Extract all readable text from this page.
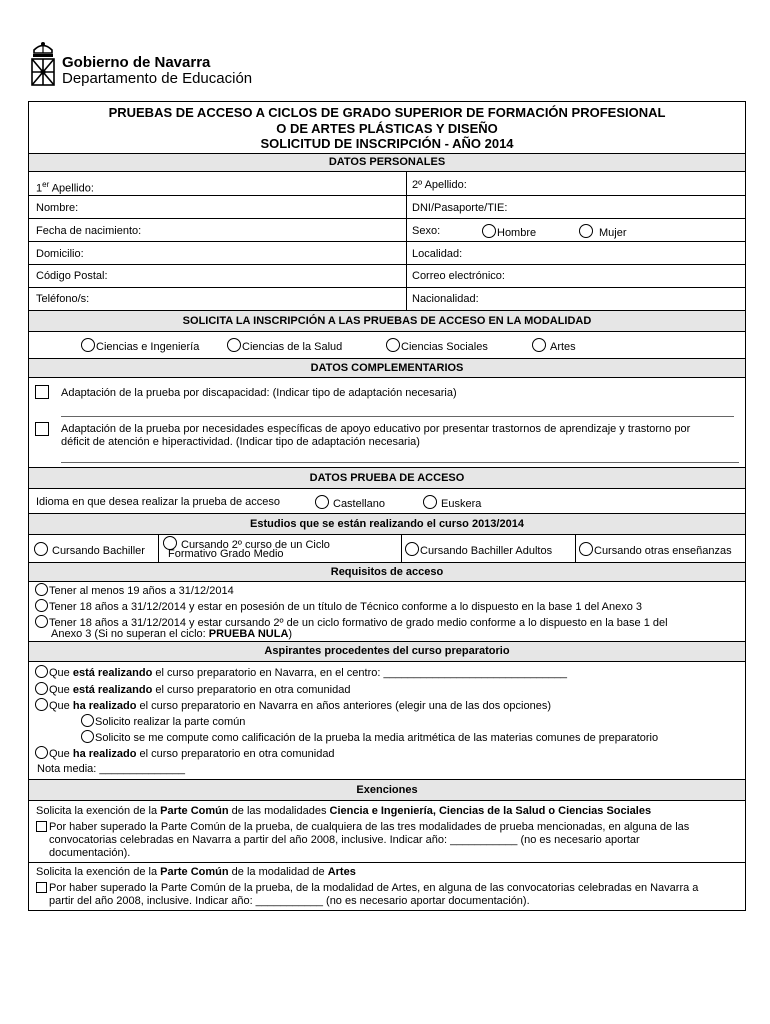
Gobierno de Navarra
Departamento de Educación
PRUEBAS DE ACCESO A CICLOS DE GRADO SUPERIOR DE FORMACIÓN PROFESIONAL
O DE ARTES PLÁSTICAS Y DISEÑO
SOLICITUD DE INSCRIPCIÓN - AÑO 2014
DATOS PERSONALES
1er Apellido:	2º Apellido:
Nombre:	DNI/Pasaporte/TIE:
Fecha de nacimiento:	Sexo:	Hombre	Mujer
Domicilio:	Localidad:
Código Postal:	Correo electrónico:
Teléfono/s:	Nacionalidad:
SOLICITA LA INSCRIPCIÓN A LAS PRUEBAS DE ACCESO EN LA MODALIDAD
Ciencias e Ingeniería	Ciencias de la Salud	Ciencias Sociales	Artes
DATOS COMPLEMENTARIOS
Adaptación de la prueba por discapacidad: (Indicar tipo de adaptación necesaria)
Adaptación de la prueba por necesidades específicas de apoyo educativo por presentar trastornos de aprendizaje y trastorno por
déficit de atención e hiperactividad. (Indicar tipo de adaptación necesaria)
DATOS PRUEBA DE ACCESO
Idioma en que desea realizar la prueba de acceso	Castellano	Euskera
Estudios que se están realizando el curso 2013/2014
Cursando Bachiller	Cursando 2º curso de un Ciclo
Formativo Grado Medio	Cursando Bachiller Adultos	Cursando otras enseñanzas
Requisitos de acceso
Tener al menos 19 años a 31/12/2014
Tener 18 años a 31/12/2014 y estar en posesión de un título de Técnico conforme a lo dispuesto en la base 1 del Anexo 3
Tener 18 años a 31/12/2014 y estar cursando 2º de un ciclo formativo de grado medio conforme a lo dispuesto en la base 1 del
Anexo 3 (Si no superan el ciclo: PRUEBA NULA)
Aspirantes procedentes del curso preparatorio
Que está realizando el curso preparatorio en Navarra, en el centro: ______________________________
Que está realizando el curso preparatorio en otra comunidad
Que ha realizado el curso preparatorio en Navarra en años anteriores (elegir una de las dos opciones)
Solicito realizar la parte común
Solicito se me compute como calificación de la prueba la media aritmética de las materias comunes de preparatorio
Que ha realizado el curso preparatorio en otra comunidad
Nota media: ______________
Exenciones
Solicita la exención de la Parte Común de las modalidades Ciencia e Ingeniería, Ciencias de la Salud o Ciencias Sociales
Por haber superado la Parte Común de la prueba, de cualquiera de las tres modalidades de prueba mencionadas, en alguna de las
convocatorias celebradas en Navarra a partir del año 2008, inclusive. Indicar año: ___________ (no es necesario aportar
documentación).
Solicita la exención de la Parte Común de la modalidad de Artes
Por haber superado la Parte Común de la prueba, de la modalidad de Artes, en alguna de las convocatorias celebradas en Navarra a
partir del año 2008, inclusive. Indicar año: ___________ (no es necesario aportar documentación).
